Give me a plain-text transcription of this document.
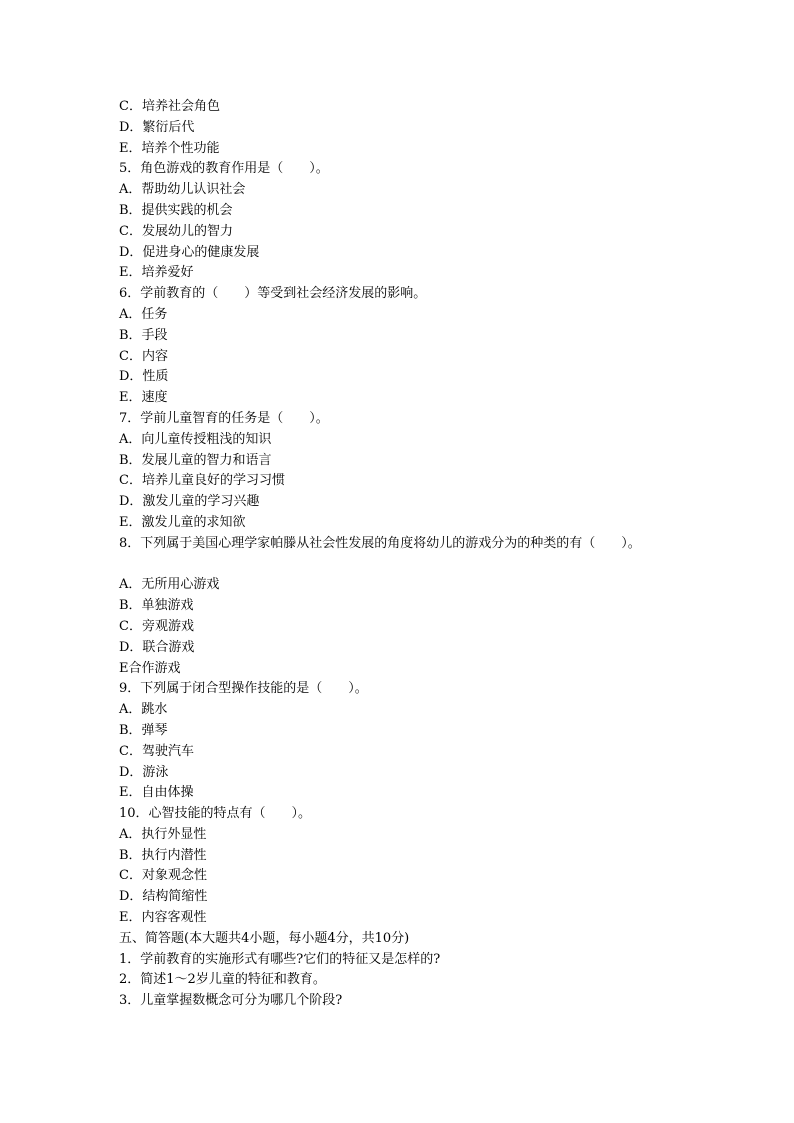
C．培养社会角色
D．繁衍后代
E．培养个性功能
5．角色游戏的教育作用是（　　）。
A．帮助幼儿认识社会
B．提供实践的机会
C．发展幼儿的智力
D．促进身心的健康发展
E．培养爱好
6．学前教育的（　　）等受到社会经济发展的影响。
A．任务
B．手段
C．内容
D．性质
E．速度
7．学前儿童智育的任务是（　　）。
A．向儿童传授粗浅的知识
B．发展儿童的智力和语言
C．培养儿童良好的学习习惯
D．激发儿童的学习兴趣
E．激发儿童的求知欲
8．下列属于美国心理学家帕滕从社会性发展的角度将幼儿的游戏分为的种类的有（　　）。
A．无所用心游戏
B．单独游戏
C．旁观游戏
D．联合游戏
E合作游戏
9．下列属于闭合型操作技能的是（　　）。
A．跳水
B．弹琴
C．驾驶汽车
D．游泳
E．自由体操
10．心智技能的特点有（　　）。
A．执行外显性
B．执行内潜性
C．对象观念性
D．结构简缩性
E．内容客观性
五、简答题(本大题共4小题，每小题4分，共10分)
1．学前教育的实施形式有哪些?它们的特征又是怎样的?
2．简述1～2岁儿童的特征和教育。
3．儿童掌握数概念可分为哪几个阶段?
